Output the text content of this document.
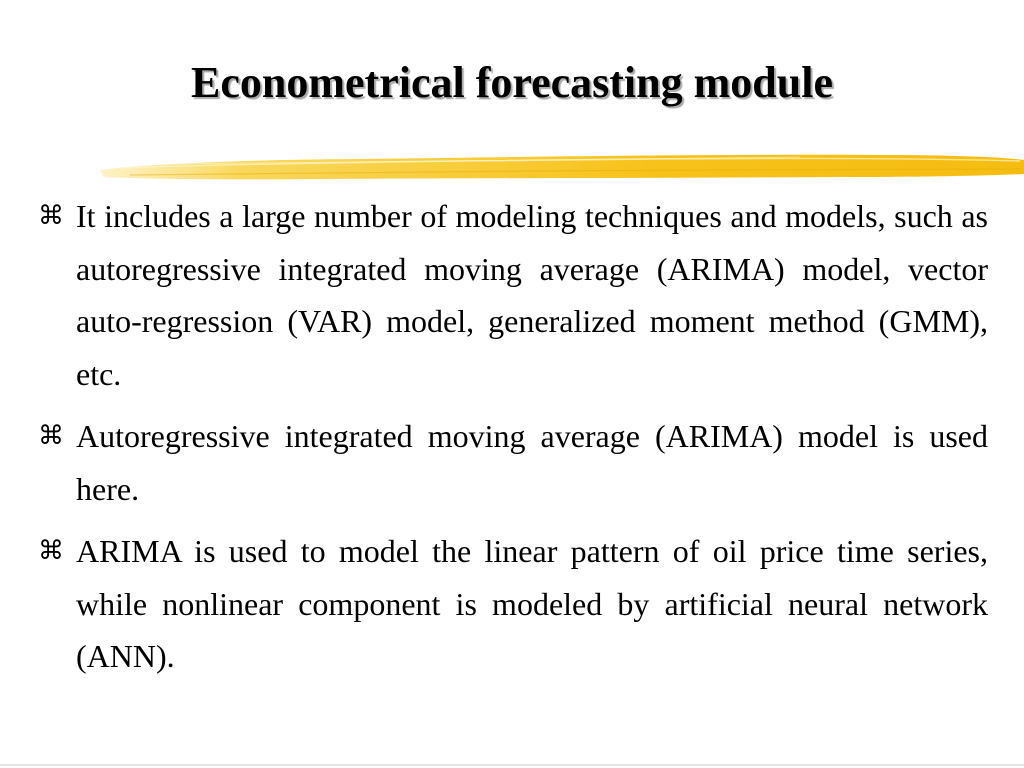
Econometrical forecasting module
⌘ It includes a large number of modeling techniques and models, such as autoregressive integrated moving average (ARIMA) model, vector auto-regression (VAR) model, generalized moment method (GMM), etc.
⌘ Autoregressive integrated moving average (ARIMA) model is used here.
⌘ ARIMA is used to model the linear pattern of oil price time series, while nonlinear component is modeled by artificial neural network (ANN).
